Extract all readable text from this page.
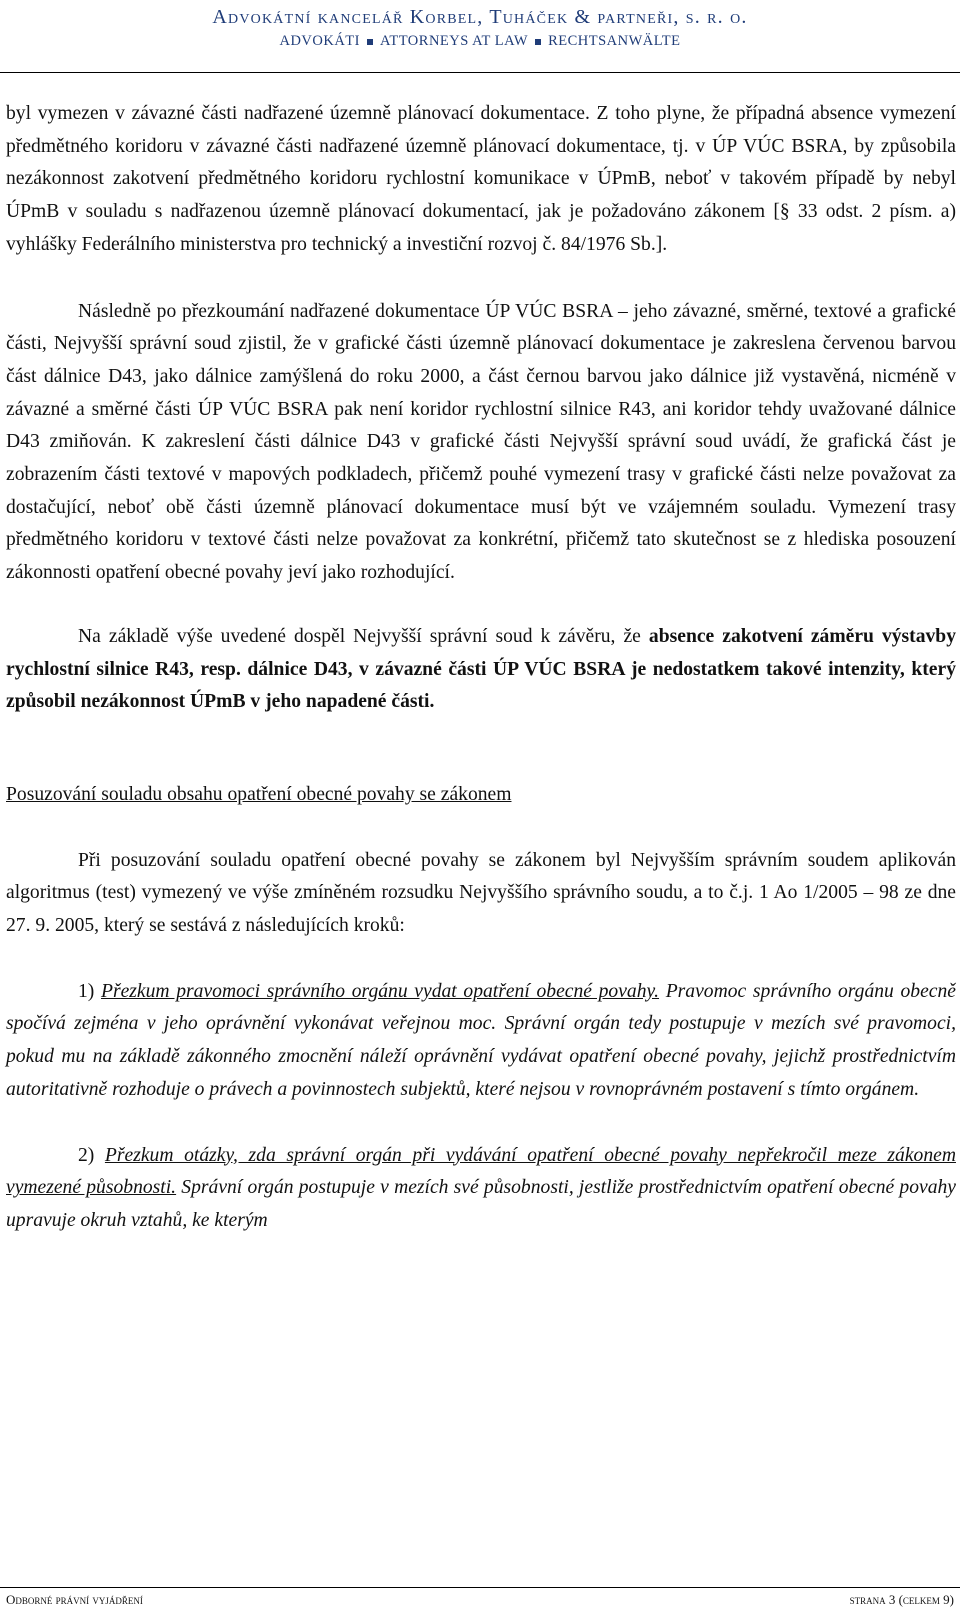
Advokátní kancelář Korbel, Tuháček & partneři, s. r. o.
ADVOKÁTI ATTORNEYS AT LAW RECHTSANWÄLTE

byl vymezen v závazné části nadřazené územně plánovací dokumentace. Z toho plyne, že případná absence vymezení předmětného koridoru v závazné části nadřazené územně plánovací dokumentace, tj. v ÚP VÚC BSRA, by způsobila nezákonnost zakotvení předmětného koridoru rychlostní komunikace v ÚPmB, neboť v takovém případě by nebyl ÚPmB v souladu s nadřazenou územně plánovací dokumentací, jak je požadováno zákonem [§ 33 odst. 2 písm. a) vyhlášky Federálního ministerstva pro technický a investiční rozvoj č. 84/1976 Sb.].

Následně po přezkoumání nadřazené dokumentace ÚP VÚC BSRA – jeho závazné, směrné, textové a grafické části, Nejvyšší správní soud zjistil, že v grafické části územně plánovací dokumentace je zakreslena červenou barvou část dálnice D43, jako dálnice zamýšlená do roku 2000, a část černou barvou jako dálnice již vystavěná, nicméně v závazné a směrné části ÚP VÚC BSRA pak není koridor rychlostní silnice R43, ani koridor tehdy uvažované dálnice D43 zmiňován. K zakreslení části dálnice D43 v grafické části Nejvyšší správní soud uvádí, že grafická část je zobrazením části textové v mapových podkladech, přičemž pouhé vymezení trasy v grafické části nelze považovat za dostačující, neboť obě části územně plánovací dokumentace musí být ve vzájemném souladu. Vymezení trasy předmětného koridoru v textové části nelze považovat za konkrétní, přičemž tato skutečnost se z hlediska posouzení zákonnosti opatření obecné povahy jeví jako rozhodující.

Na základě výše uvedené dospěl Nejvyšší správní soud k závěru, že absence zakotvení záměru výstavby rychlostní silnice R43, resp. dálnice D43, v závazné části ÚP VÚC BSRA je nedostatkem takové intenzity, který způsobil nezákonnost ÚPmB v jeho napadené části.

Posuzování souladu obsahu opatření obecné povahy se zákonem

Při posuzování souladu opatření obecné povahy se zákonem byl Nejvyšším správním soudem aplikován algoritmus (test) vymezený ve výše zmíněném rozsudku Nejvyššího správního soudu, a to č.j. 1 Ao 1/2005 – 98 ze dne 27. 9. 2005, který se sestává z následujících kroků:

1) Přezkum pravomoci správního orgánu vydat opatření obecné povahy. Pravomoc správního orgánu obecně spočívá zejména v jeho oprávnění vykonávat veřejnou moc. Správní orgán tedy postupuje v mezích své pravomoci, pokud mu na základě zákonného zmocnění náleží oprávnění vydávat opatření obecné povahy, jejichž prostřednictvím autoritativně rozhoduje o právech a povinnostech subjektů, které nejsou v rovnoprávném postavení s tímto orgánem.

2) Přezkum otázky, zda správní orgán při vydávání opatření obecné povahy nepřekročil meze zákonem vymezené působnosti. Správní orgán postupuje v mezích své působnosti, jestliže prostřednictvím opatření obecné povahy upravuje okruh vztahů, ke kterým

Odborné právní vyjádření	strana 3 (celkem 9)
